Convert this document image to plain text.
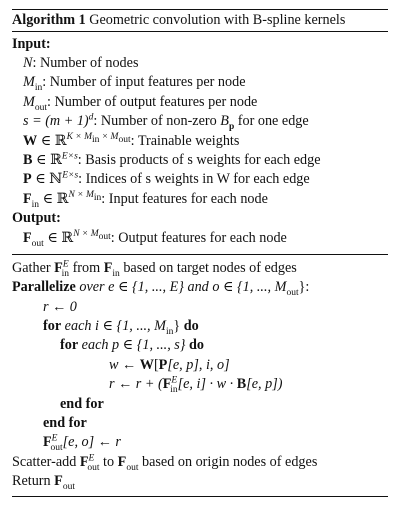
Algorithm 1 Geometric convolution with B-spline kernels
Input:
N: Number of nodes
$M_{in}$: Number of input features per node
$M_{out}$: Number of output features per node
$s = (m + 1)^d$: Number of non-zero $B_p$ for one edge
W ∈ ℝ$^{K \times M_{in} \times M_{out}}$: Trainable weights
B ∈ ℝ$^{E\times s}$: Basis products of s weights for each edge
P ∈ ℕ$^{E\times s}$: Indices of s weights in W for each edge
$F_{in}$ ∈ ℝ$^{N \times M_{in}}$: Input features for each node
Output:
$F_{out}$ ∈ ℝ$^{N \times M_{out}}$: Output features for each node
Gather $F^E_{in}$ from $F_{in}$ based on target nodes of edges
Parallelize over e ∈ {1, ..., E} and o ∈ {1, ..., $M_{out}$}:
r ← 0
for each i ∈ {1, ..., $M_{in}$} do
for each p ∈ {1, ..., s} do
w ← W[P[e, p], i, o]
r ← $r + (F^E_{in}[e$, i] · w · B[e, p])
end for
end for
$F^E_{out}[e$, o] ← r
Scatter-add $F^E_{out}$ to $F_{out}$ based on origin nodes of edges
Return $F_{out}$
